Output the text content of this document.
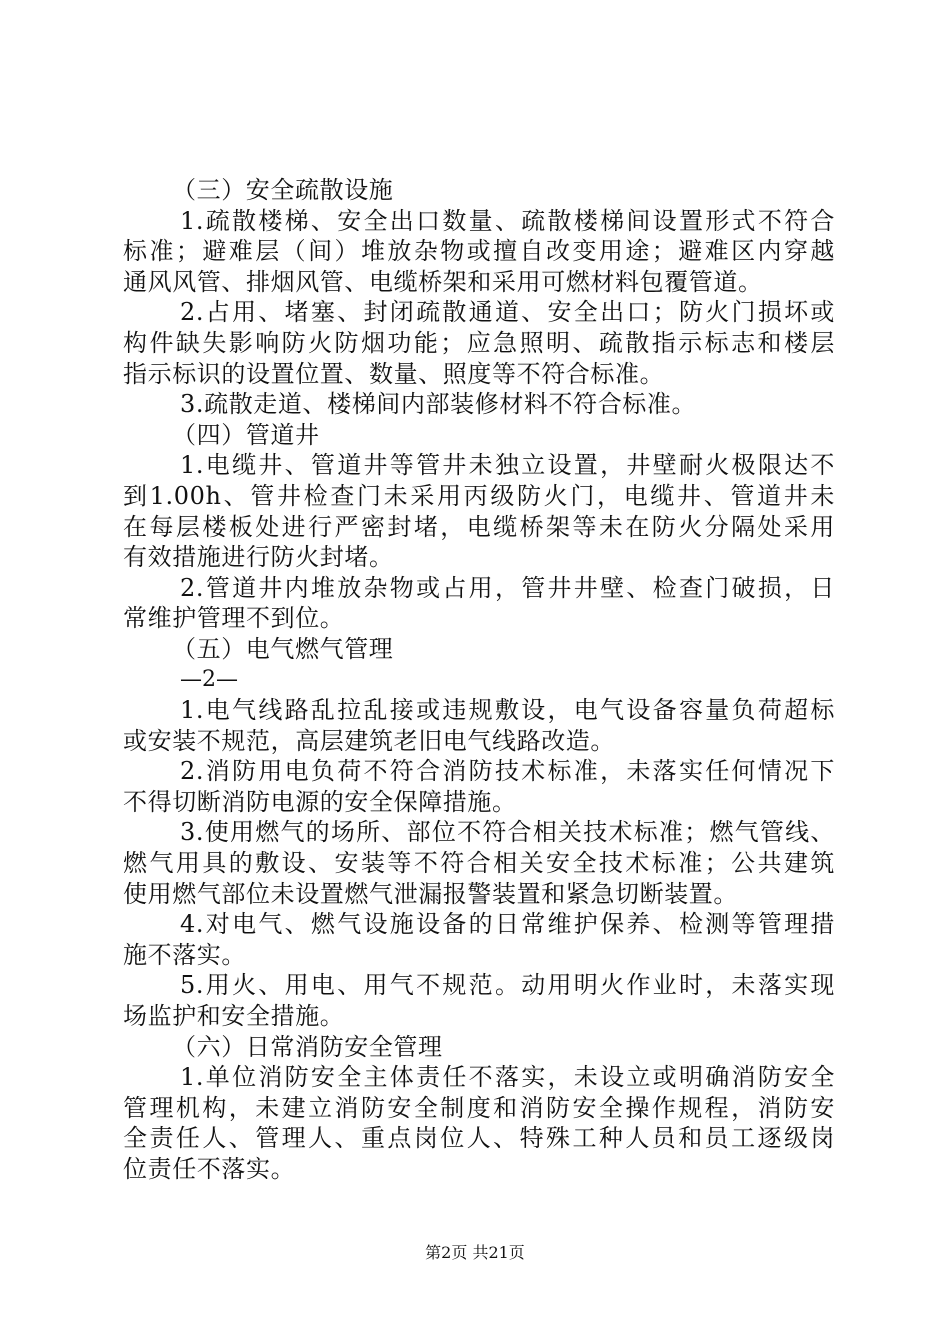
（三）安全疏散设施
1.疏散楼梯、安全出口数量、疏散楼梯间设置形式不符合
标准；避难层（间）堆放杂物或擅自改变用途；避难区内穿越
通风风管、排烟风管、电缆桥架和采用可燃材料包覆管道。
2.占用、堵塞、封闭疏散通道、安全出口；防火门损坏或
构件缺失影响防火防烟功能；应急照明、疏散指示标志和楼层
指示标识的设置位置、数量、照度等不符合标准。
3.疏散走道、楼梯间内部装修材料不符合标准。
（四）管道井
1.电缆井、管道井等管井未独立设置，井壁耐火极限达不
到1.00h、管井检查门未采用丙级防火门，电缆井、管道井未
在每层楼板处进行严密封堵，电缆桥架等未在防火分隔处采用
有效措施进行防火封堵。
2.管道井内堆放杂物或占用，管井井壁、检查门破损，日
常维护管理不到位。
（五）电气燃气管理
—2—
1.电气线路乱拉乱接或违规敷设，电气设备容量负荷超标
或安装不规范，高层建筑老旧电气线路改造。
2.消防用电负荷不符合消防技术标准，未落实任何情况下
不得切断消防电源的安全保障措施。
3.使用燃气的场所、部位不符合相关技术标准；燃气管线、
燃气用具的敷设、安装等不符合相关安全技术标准；公共建筑
使用燃气部位未设置燃气泄漏报警装置和紧急切断装置。
4.对电气、燃气设施设备的日常维护保养、检测等管理措
施不落实。
5.用火、用电、用气不规范。动用明火作业时，未落实现
场监护和安全措施。
（六）日常消防安全管理
1.单位消防安全主体责任不落实，未设立或明确消防安全
管理机构，未建立消防安全制度和消防安全操作规程，消防安
全责任人、管理人、重点岗位人、特殊工种人员和员工逐级岗
位责任不落实。
第2页 共21页
